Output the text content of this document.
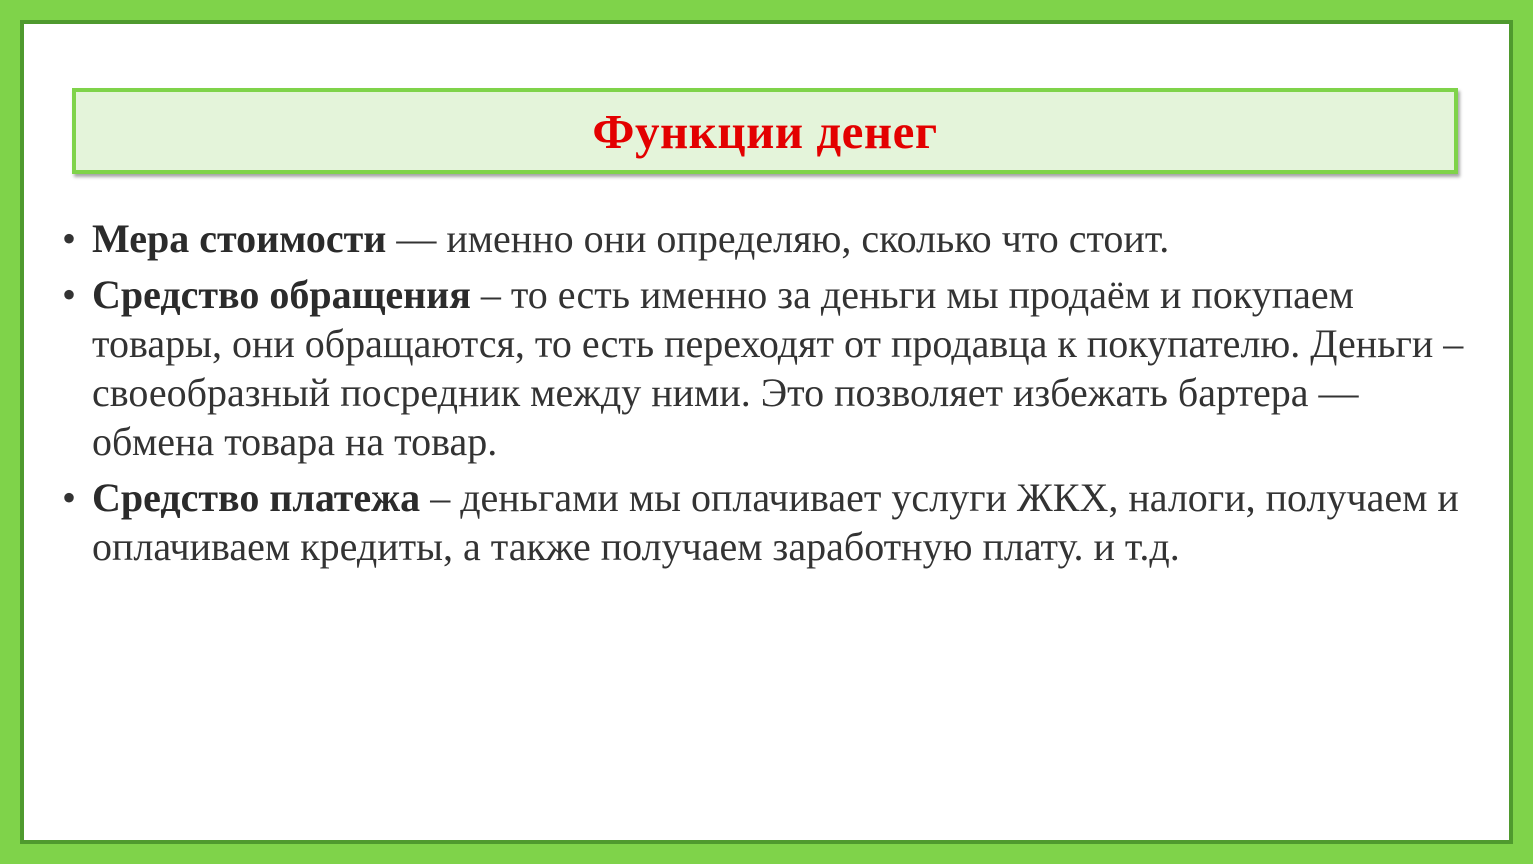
Функции денег
• Мера стоимости — именно они определяю, сколько что стоит.

• Средство обращения – то есть именно за деньги мы продаём и покупаем товары, они обращаются, то есть переходят от продавца к покупателю. Деньги – своеобразный посредник между ними. Это позволяет избежать бартера — обмена товара на товар.

• Средство платежа – деньгами мы оплачивает услуги ЖКХ, налоги, получаем и оплачиваем кредиты, а также получаем заработную плату. и т.д.
